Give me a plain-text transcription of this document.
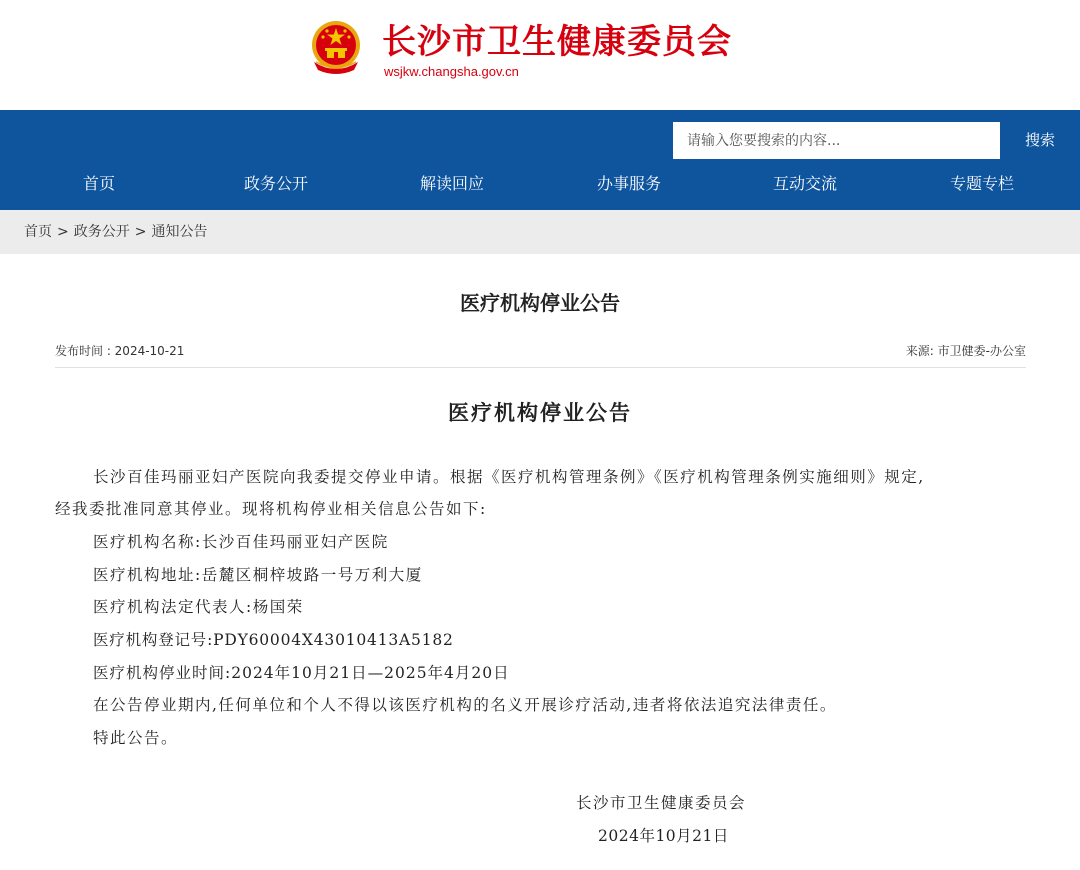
长沙市卫生健康委员会
wsjkw.changsha.gov.cn
请输入您要搜索的内容...
搜索
首页	政务公开	解读回应	办事服务	互动交流	专题专栏
首页 > 政务公开 > 通知公告
医疗机构停业公告
发布时间 : 2024-10-21	来源: 市卫健委-办公室
医疗机构停业公告
长沙百佳玛丽亚妇产医院向我委提交停业申请。根据《医疗机构管理条例》《医疗机构管理条例实施细则》规定,
经我委批准同意其停业。现将机构停业相关信息公告如下:
医疗机构名称:长沙百佳玛丽亚妇产医院
医疗机构地址:岳麓区桐梓坡路一号万利大厦
医疗机构法定代表人:杨国荣
医疗机构登记号:PDY60004X43010413A5182
医疗机构停业时间:2024年10月21日—2025年4月20日
在公告停业期内,任何单位和个人不得以该医疗机构的名义开展诊疗活动,违者将依法追究法律责任。
特此公告。
长沙市卫生健康委员会
2024年10月21日
